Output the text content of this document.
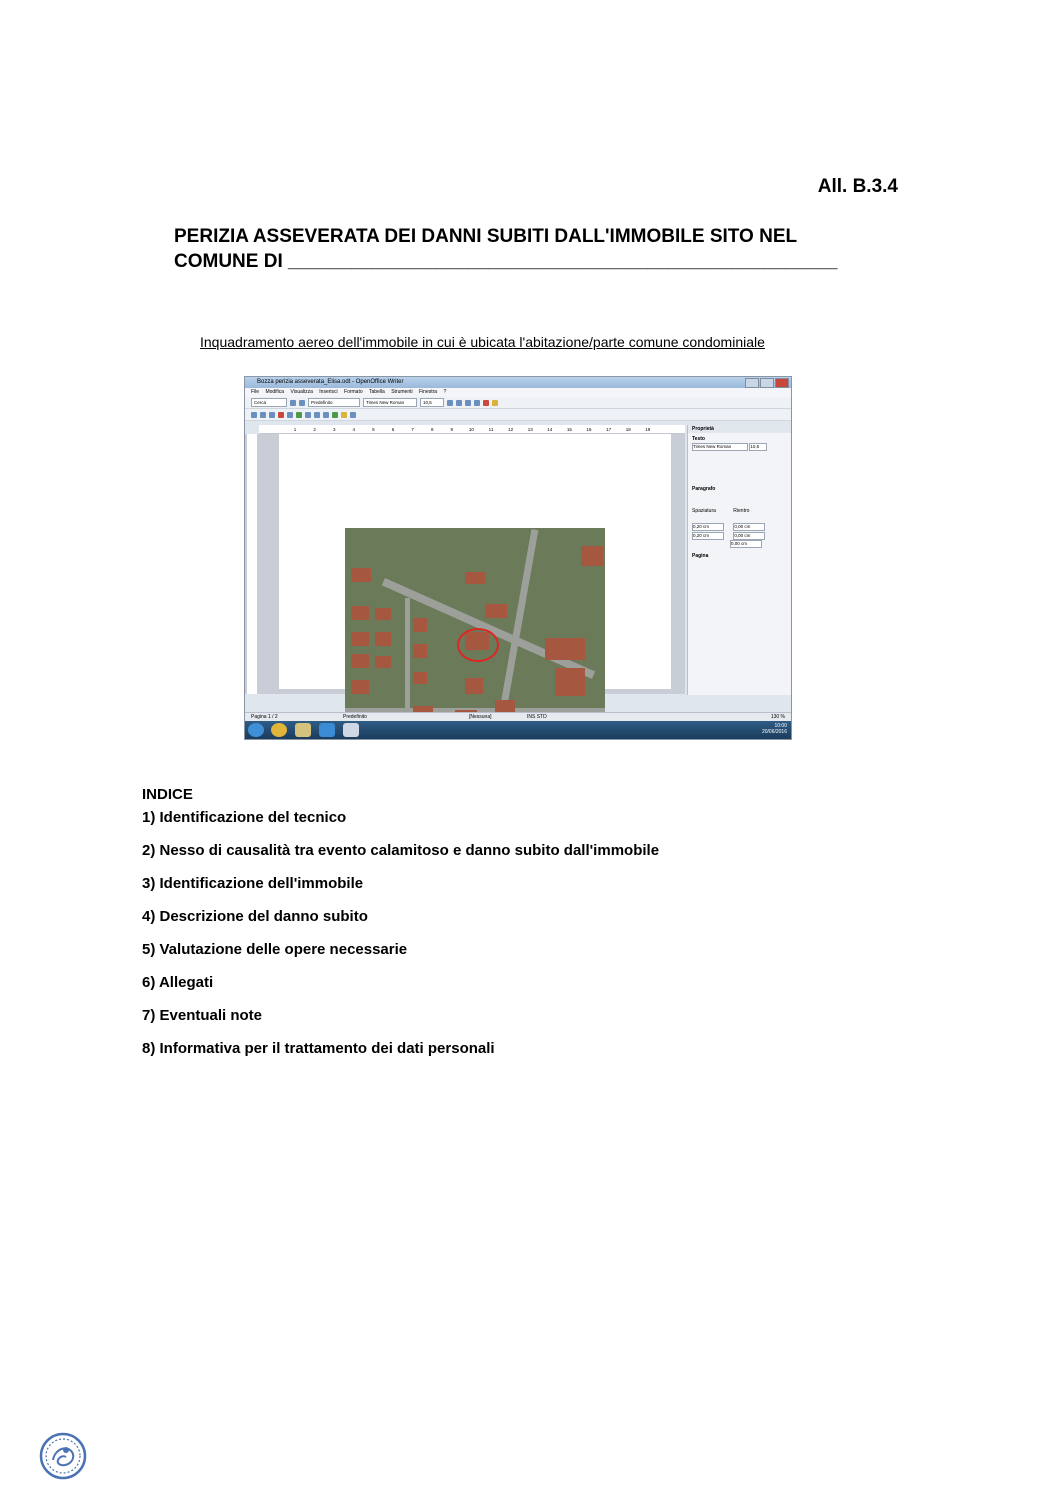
All. B.3.4
PERIZIA ASSEVERATA DEI DANNI SUBITI DALL'IMMOBILE SITO NEL
COMUNE DI ____________________________________________________
Inquadramento aereo dell'immobile in cui è ubicata l'abitazione/parte comune condominiale
Bozza perizia asseverata_Elisa.odt - OpenOffice Writer
File Modifica Visualizza Inserisci Formato Tabella Strumenti Finestra ?
Cerca	Predefinito	Times New Roman	10,5
1	2	3	4	5	6	7	8	9	10	11	12	13	14	15	16	17	18	19	Proprietà
Testo
Times New Roman	10,5
Paragrafo
Spaziatura	Rientro
0,20 cm	0,00 cm
0,20 cm	0,00 cm
0,00 cm
Pagina
Pagina 1 / 2	Predefinito	[Nessuna]	INS STD	130 %
10:00
20/06/2016
INDICE
1) Identificazione del tecnico
2) Nesso di causalità tra evento calamitoso e danno subito dall'immobile
3) Identificazione dell'immobile
4) Descrizione del danno subito
5) Valutazione delle opere necessarie
6) Allegati
7) Eventuali note
8) Informativa per il trattamento dei dati personali
